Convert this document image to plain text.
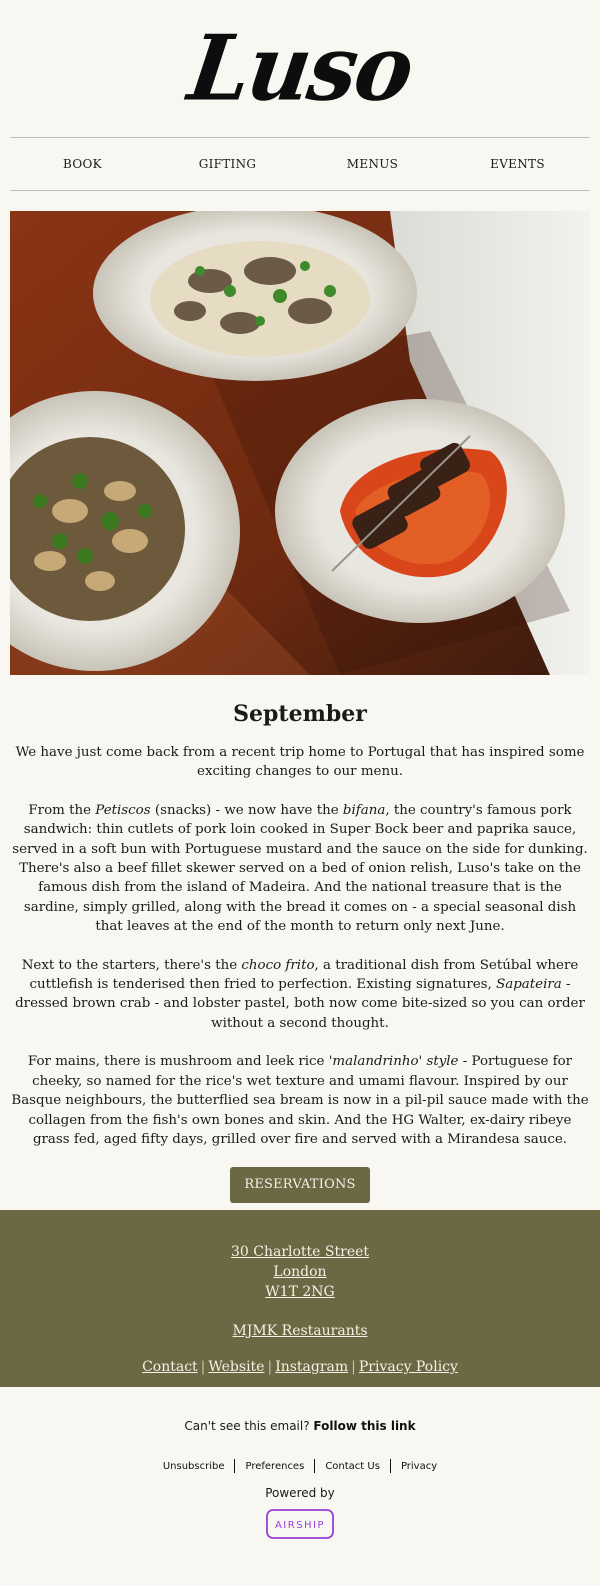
Luso
BOOK	GIFTING	MENUS	EVENTS
September

We have just come back from a recent trip home to Portugal that has inspired some exciting changes to our menu.

From the Petiscos (snacks) - we now have the bifana, the country's famous pork sandwich: thin cutlets of pork loin cooked in Super Bock beer and paprika sauce, served in a soft bun with Portuguese mustard and the sauce on the side for dunking. There's also a beef fillet skewer served on a bed of onion relish, Luso's take on the famous dish from the island of Madeira. And the national treasure that is the sardine, simply grilled, along with the bread it comes on - a special seasonal dish that leaves at the end of the month to return only next June.

Next to the starters, there's the choco frito, a traditional dish from Setúbal where cuttlefish is tenderised then fried to perfection. Existing signatures, Sapateira - dressed brown crab - and lobster pastel, both now come bite-sized so you can order without a second thought.

For mains, there is mushroom and leek rice 'malandrinho' style - Portuguese for cheeky, so named for the rice's wet texture and umami flavour. Inspired by our Basque neighbours, the butterflied sea bream is now in a pil-pil sauce made with the collagen from the fish's own bones and skin. And the HG Walter, ex-dairy ribeye grass fed, aged fifty days, grilled over fire and served with a Mirandesa sauce.

RESERVATIONS
30 Charlotte Street
London
W1T 2NG
MJMK Restaurants
Contact | Website | Instagram | Privacy Policy
Can't see this email? Follow this link
Unsubscribe Preferences Contact Us Privacy
Powered by
AIRSHIP
